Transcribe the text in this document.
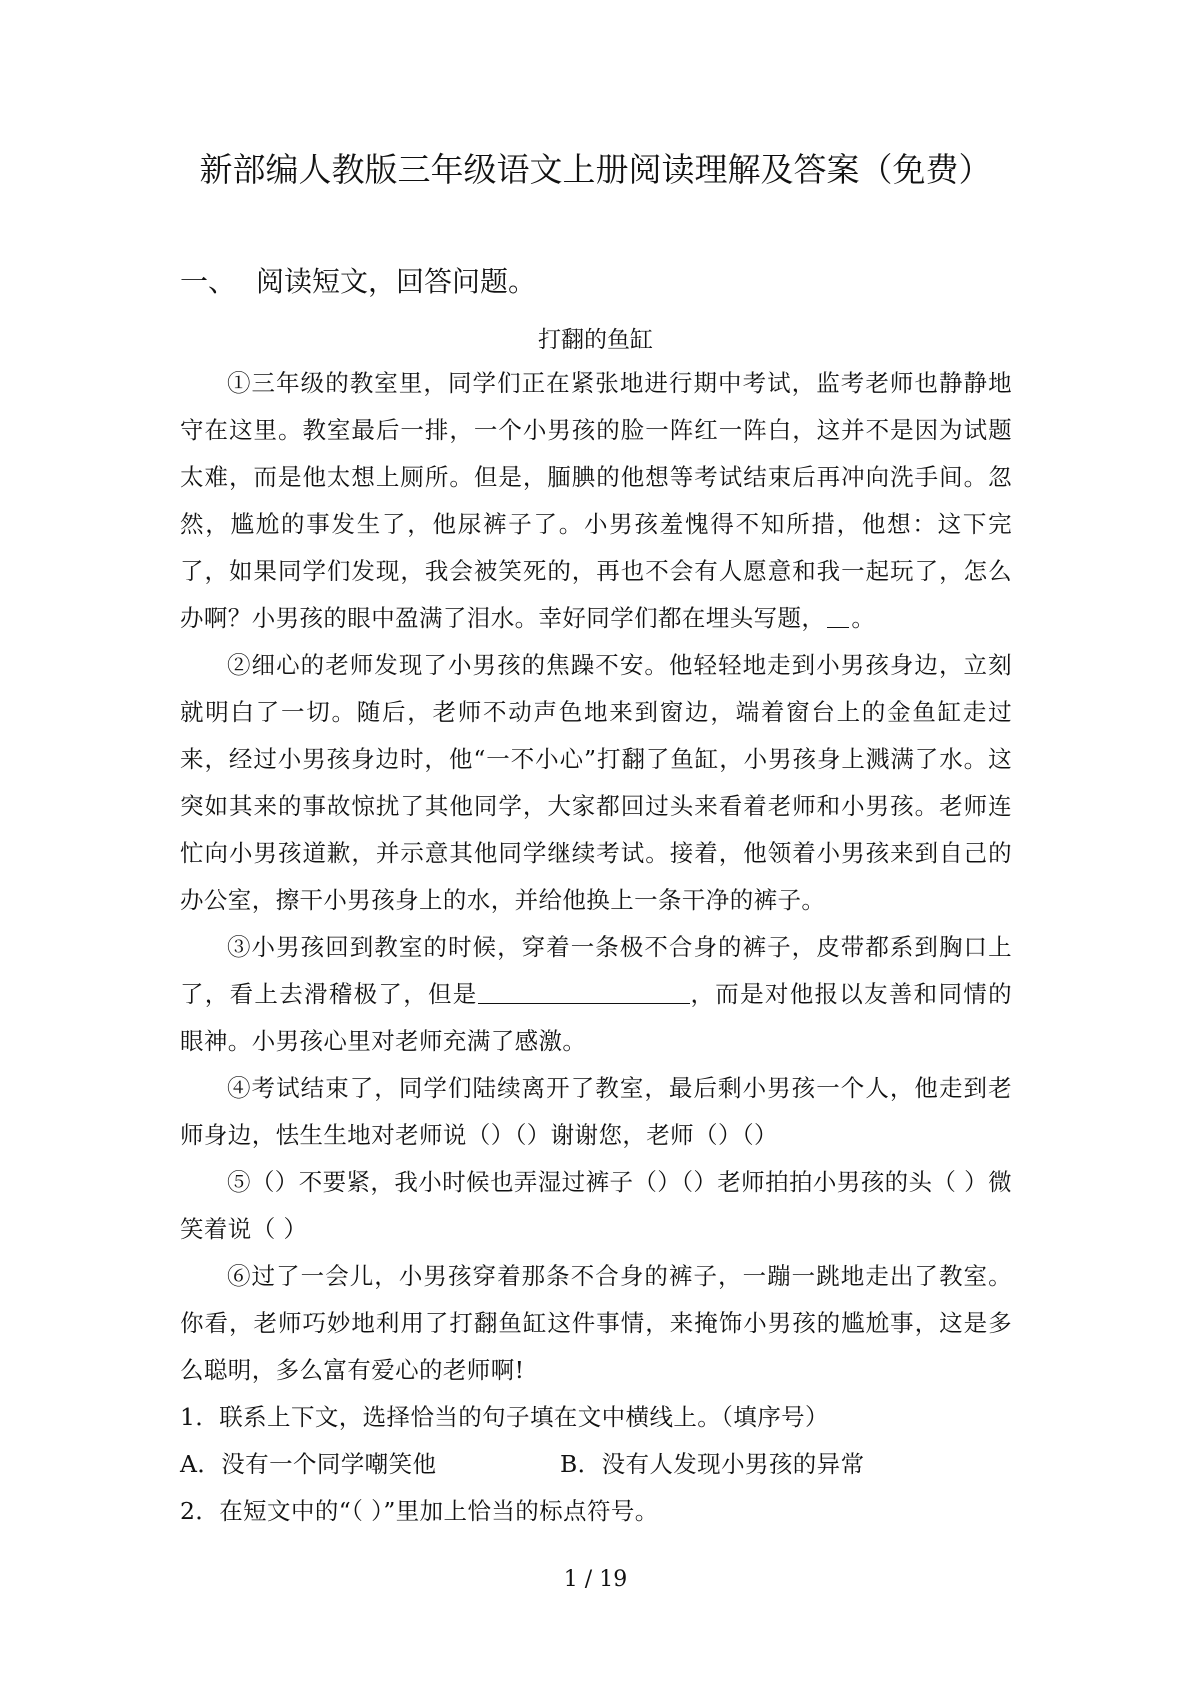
新部编人教版三年级语文上册阅读理解及答案（免费）
一、 阅读短文，回答问题。
打翻的鱼缸

①三年级的教室里，同学们正在紧张地进行期中考试，监考老师也静静地守在这里。教室最后一排，一个小男孩的脸一阵红一阵白，这并不是因为试题太难，而是他太想上厕所。但是，腼腆的他想等考试结束后再冲向洗手间。忽然，尴尬的事发生了，他尿裤子了。小男孩羞愧得不知所措，他想：这下完了，如果同学们发现，我会被笑死的，再也不会有人愿意和我一起玩了，怎么办啊？小男孩的眼中盈满了泪水。幸好同学们都在埋头写题， 。

②细心的老师发现了小男孩的焦躁不安。他轻轻地走到小男孩身边，立刻就明白了一切。随后，老师不动声色地来到窗边，端着窗台上的金鱼缸走过来，经过小男孩身边时，他“一不小心”打翻了鱼缸，小男孩身上溅满了水。这突如其来的事故惊扰了其他同学，大家都回过头来看着老师和小男孩。老师连忙向小男孩道歉，并示意其他同学继续考试。接着，他领着小男孩来到自己的办公室，擦干小男孩身上的水，并给他换上一条干净的裤子。

③小男孩回到教室的时候，穿着一条极不合身的裤子，皮带都系到胸口上了，看上去滑稽极了，但是	，而是对他报以友善和同情的眼神。小男孩心里对老师充满了感激。

④考试结束了，同学们陆续离开了教室，最后剩小男孩一个人，他走到老师身边，怯生生地对老师说（）（）谢谢您，老师（）（）

⑤（）不要紧，我小时候也弄湿过裤子（）（）老师拍拍小男孩的头（ ）微笑着说（ ）

⑥过了一会儿，小男孩穿着那条不合身的裤子，一蹦一跳地走出了教室。你看，老师巧妙地利用了打翻鱼缸这件事情，来掩饰小男孩的尴尬事，这是多么聪明，多么富有爱心的老师啊!

1．联系上下文，选择恰当的句子填在文中横线上。（填序号）

A．没有一个同学嘲笑他	B．没有人发现小男孩的异常

2．在短文中的“（ ）”里加上恰当的标点符号。

1 / 19
